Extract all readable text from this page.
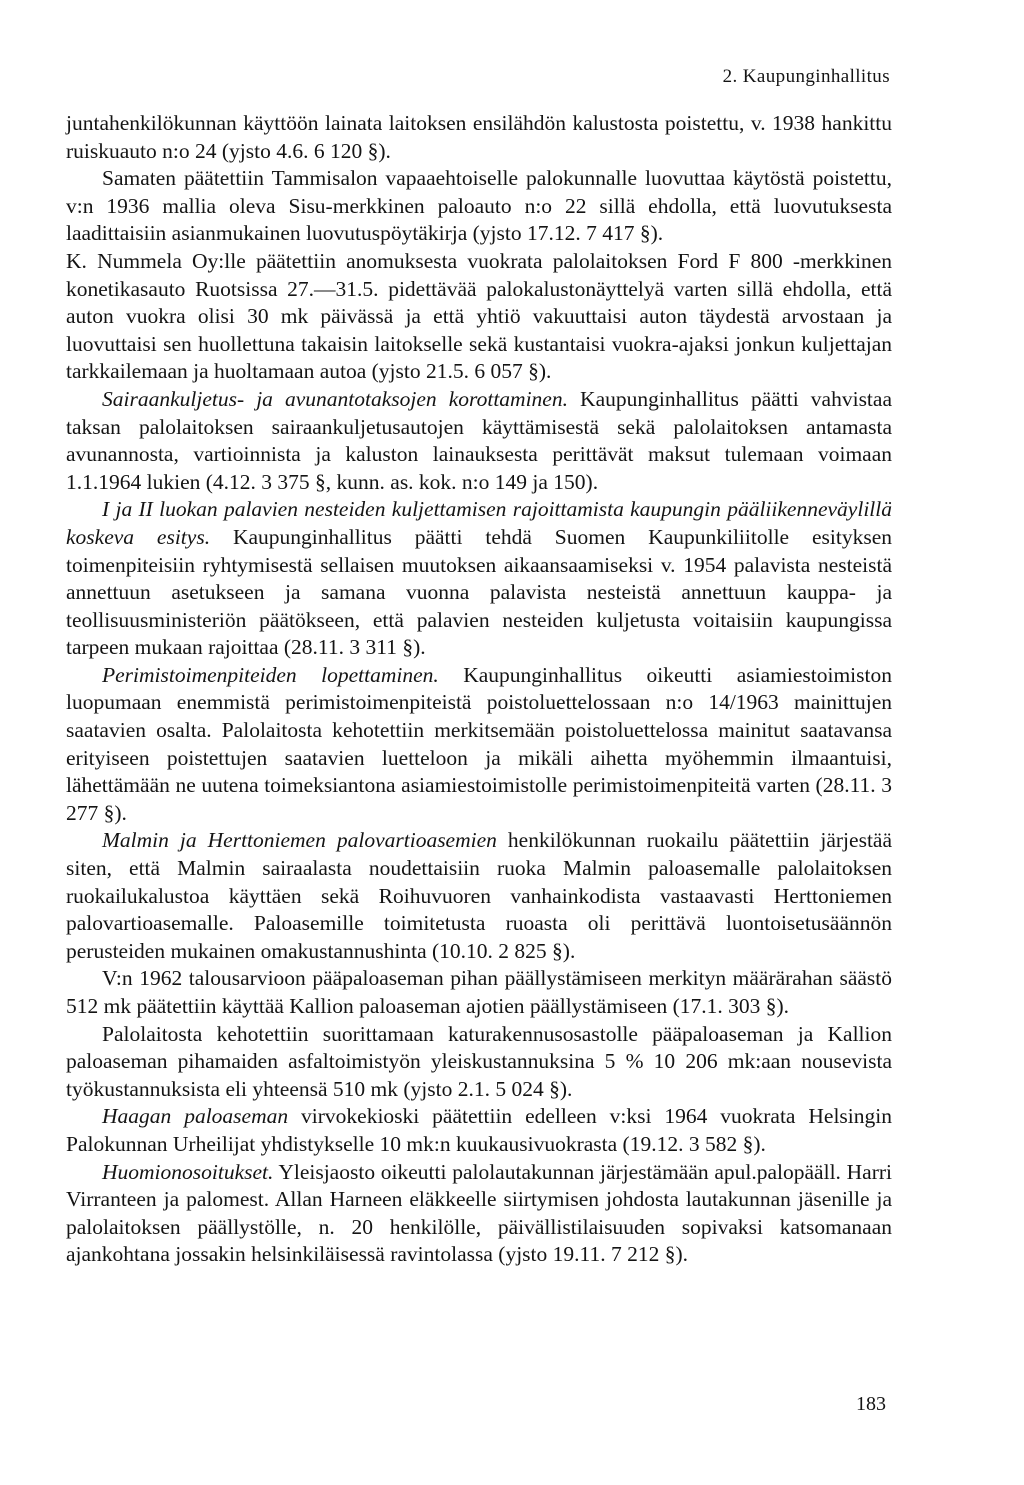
2. Kaupunginhallitus

juntahenkilökunnan käyttöön lainata laitoksen ensilähdön kalustosta poistettu, v. 1938 hankittu ruiskuauto n:o 24 (yjsto 4.6. 6 120 §).

Samaten päätettiin Tammisalon vapaaehtoiselle palokunnalle luovuttaa käytöstä poistettu, v:n 1936 mallia oleva Sisu-merkkinen paloauto n:o 22 sillä ehdolla, että luovutuksesta laadittaisiin asianmukainen luovutuspöytäkirja (yjsto 17.12. 7 417 §).

K. Nummela Oy:lle päätettiin anomuksesta vuokrata palolaitoksen Ford F 800 -merkkinen konetikasauto Ruotsissa 27.—31.5. pidettävää palokalustonäyttelyä varten sillä ehdolla, että auton vuokra olisi 30 mk päivässä ja että yhtiö vakuuttaisi auton täydestä arvostaan ja luovuttaisi sen huollettuna takaisin laitokselle sekä kustantaisi vuokra-ajaksi jonkun kuljettajan tarkkailemaan ja huoltamaan autoa (yjsto 21.5. 6 057 §).

Sairaankuljetus- ja avunantotaksojen korottaminen. Kaupunginhallitus päätti vahvistaa taksan palolaitoksen sairaankuljetusautojen käyttämisestä sekä palolaitoksen antamasta avunannosta, vartioinnista ja kaluston lainauksesta perittävät maksut tulemaan voimaan 1.1.1964 lukien (4.12. 3 375 §, kunn. as. kok. n:o 149 ja 150).

I ja II luokan palavien nesteiden kuljettamisen rajoittamista kaupungin pääliikenneväylillä koskeva esitys. Kaupunginhallitus päätti tehdä Suomen Kaupunkiliitolle esityksen toimenpiteisiin ryhtymisestä sellaisen muutoksen aikaansaamiseksi v. 1954 palavista nesteistä annettuun asetukseen ja samana vuonna palavista nesteistä annettuun kauppa- ja teollisuusministeriön päätökseen, että palavien nesteiden kuljetusta voitaisiin kaupungissa tarpeen mukaan rajoittaa (28.11. 3 311 §).

Perimistoimenpiteiden lopettaminen. Kaupunginhallitus oikeutti asiamiestoimiston luopumaan enemmistä perimistoimenpiteistä poistoluettelossaan n:o 14/1963 mainittujen saatavien osalta. Palolaitosta kehotettiin merkitsemään poistoluettelossa mainitut saatavansa erityiseen poistettujen saatavien luetteloon ja mikäli aihetta myöhemmin ilmaantuisi, lähettämään ne uutena toimeksiantona asiamiestoimistolle perimistoimenpiteitä varten (28.11. 3 277 §).

Malmin ja Herttoniemen palovartioasemien henkilökunnan ruokailu päätettiin järjestää siten, että Malmin sairaalasta noudettaisiin ruoka Malmin paloasemalle palolaitoksen ruokailukalustoa käyttäen sekä Roihuvuoren vanhainkodista vastaavasti Herttoniemen palovartioasemalle. Paloasemille toimitetusta ruoasta oli perittävä luontoisetusäännön perusteiden mukainen omakustannushinta (10.10. 2 825 §).

V:n 1962 talousarvioon pääpaloaseman pihan päällystämiseen merkityn määrärahan säästö 512 mk päätettiin käyttää Kallion paloaseman ajotien päällystämiseen (17.1. 303 §).

Palolaitosta kehotettiin suorittamaan katurakennusosastolle pääpaloaseman ja Kallion paloaseman pihamaiden asfaltoimistyön yleiskustannuksina 5 % 10 206 mk:aan nousevista työkustannuksista eli yhteensä 510 mk (yjsto 2.1. 5 024 §).

Haagan paloaseman virvokekioski päätettiin edelleen v:ksi 1964 vuokrata Helsingin Palokunnan Urheilijat yhdistykselle 10 mk:n kuukausivuokrasta (19.12. 3 582 §).

Huomionosoitukset. Yleisjaosto oikeutti palolautakunnan järjestämään apul.palopääll. Harri Virranteen ja palomest. Allan Harneen eläkkeelle siirtymisen johdosta lautakunnan jäsenille ja palolaitoksen päällystölle, n. 20 henkilölle, päivällistilaisuuden sopivaksi katsomanaan ajankohtana jossakin helsinkiläisessä ravintolassa (yjsto 19.11. 7 212 §).

183
